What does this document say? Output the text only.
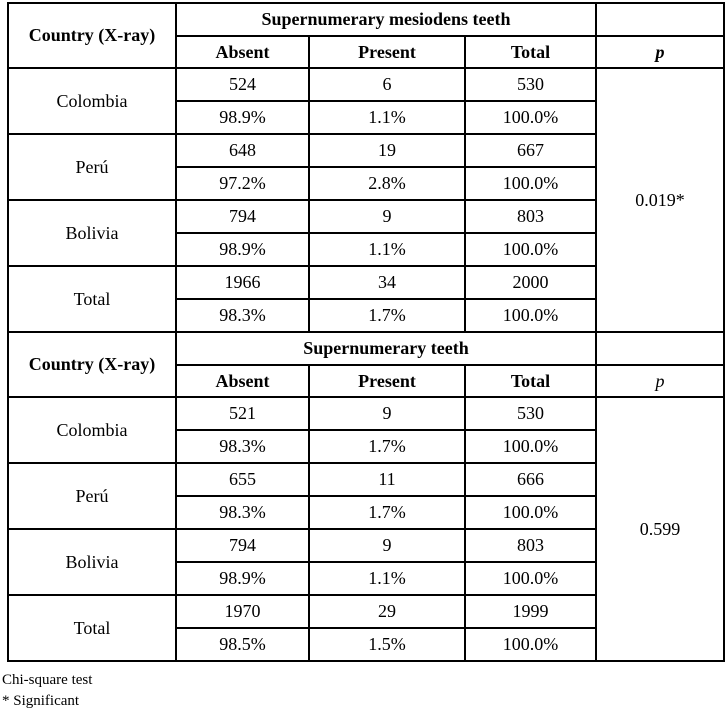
Country (X-ray)	Supernumerary mesiodens teeth			
	Absent	Present	Total	p
Colombia	524	6	530	0.019*
	98.9%	1.1%	100.0%	
Perú	648	19	667	
	97.2%	2.8%	100.0%	
Bolivia	794	9	803	
	98.9%	1.1%	100.0%	
Total	1966	34	2000	
	98.3%	1.7%	100.0%	
Country (X-ray)	Supernumerary teeth			
	Absent	Present	Total	p
Colombia	521	9	530	0.599
	98.3%	1.7%	100.0%	
Perú	655	11	666	
	98.3%	1.7%	100.0%	
Bolivia	794	9	803	
	98.9%	1.1%	100.0%	
Total	1970	29	1999	
	98.5%	1.5%	100.0%	
Chi-square test
* Significant
